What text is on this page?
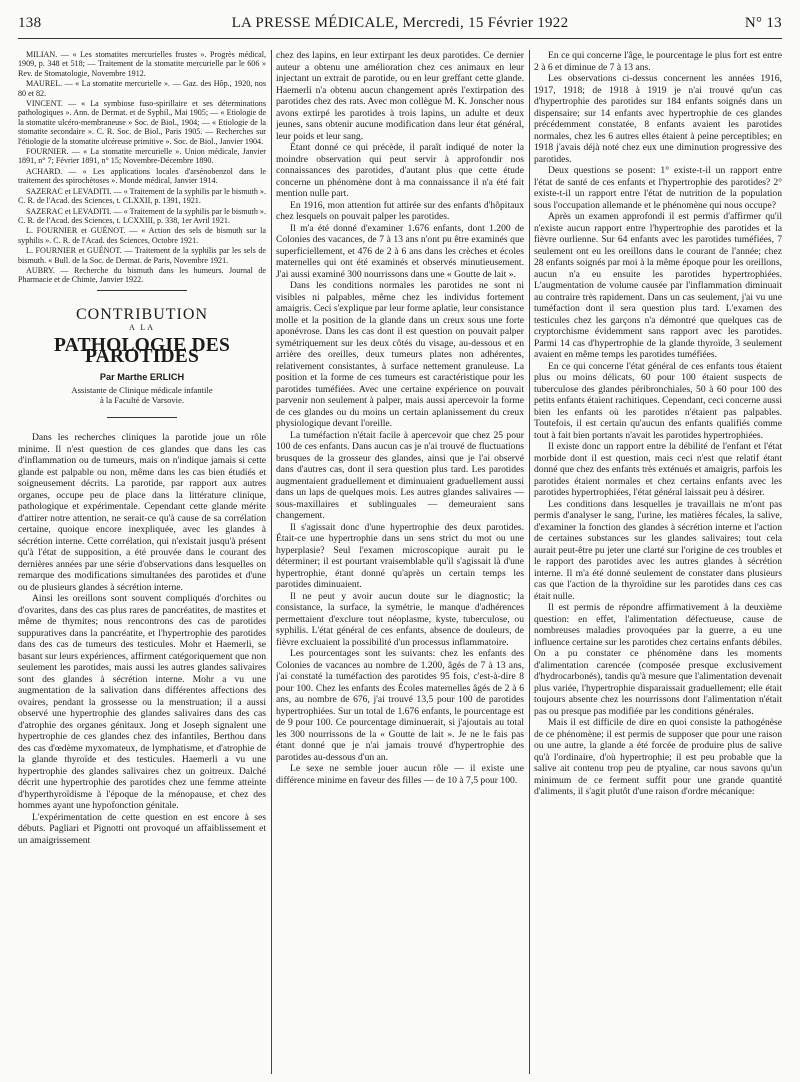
138	LA PRESSE MÉDICALE, Mercredi, 15 Février 1922	N° 13

MILIAN. — « Les stomatites mercurielles frustes ». Progrès médical, 1909, p. 348 et 518; — Traitement de la stomatite mercurielle par le 606 » Rev. de Stomatologie, Novembre 1912.

MAUREL. — « La stomatite mercurielle ». — Gaz. des Hôp., 1920, nos 80 et 82.

VINCENT. — « La symbiose fuso-spirillaire et ses déterminations pathologiques ». Ann. de Dermat. et de Syphil., Mai 1905; — « Etiologie de la stomatite ulcéro-membraneuse » Soc. de Biol., 1904; — « Etiologie de la stomatite secondaire ». C. R. Soc. de Biol., Paris 1905. — Recherches sur l'étiologie de la stomatite ulcéreuse primitive ». Soc. de Biol., Janvier 1904.

FOURNIER. — « La stomatite mercurielle ». Union médicale, Janvier 1891, n° 7; Février 1891, n° 15; Novembre-Décembre 1890.

ACHARD. — « Les applications locales d'arsénobenzol dans le traitement des spirochètoses ». Monde médical, Janvier 1914.

SAZERAC et LEVADITI. — « Traitement de la syphilis par le bismuth ». C. R. de l'Acad. des Sciences, t. CLXXII, p. 1391, 1921.

SAZERAC et LEVADITI. — « Traitement de la syphilis par le bismuth ». C. R. de l'Acad. des Sciences, t. LCXXIII, p. 338, 1er Avril 1921.

L. FOURNIER et GUÉNOT. — « Action des sels de bismuth sur la syphilis ». C. R. de l'Acad. des Sciences, Octobre 1921.

L. FOURNIER et GUÉNOT. — Traitement de la syphilis par les sels de bismuth. « Bull. de la Soc. de Dermat. de Paris, Novembre 1921.

AUBRY. — Recherche du bismuth dans les humeurs. Journal de Pharmacie et de Chimie, Janvier 1922.

CONTRIBUTION
A LA
PATHOLOGIE DES PAROTIDES
Par Marthe ERLICH
Assistante de Clinique médicale infantile
à la Faculté de Varsovie.

Dans les recherches cliniques la parotide joue un rôle minime. Il n'est question de ces glandes que dans les cas d'inflammation ou de tumeurs, mais on n'indique jamais si cette glande est palpable ou non, même dans les cas bien étudiés et soigneusement décrits. La parotide, par rapport aux autres organes, occupe peu de place dans la littérature clinique, pathologique et expérimentale. Cependant cette glande mérite d'attirer notre attention, ne serait-ce qu'à cause de sa corrélation certaine, quoique encore inexpliquée, avec les glandes à sécrétion interne. Cette corrélation, qui n'existait jusqu'à présent qu'à l'état de supposition, a été prouvée dans le courant des dernières années par une série d'observations dans lesquelles on remarque des modifications simultanées des parotides et d'une ou de plusieurs glandes à sécrétion interne.

Ainsi les oreillons sont souvent compliqués d'orchites ou d'ovarites, dans des cas plus rares de pancréatites, de mastites et même de thymites; nous rencontrons des cas de parotides suppuratives dans la pancréatite, et l'hypertrophie des parotides dans des cas de tumeurs des testicules. Mohr et Haemerli, se basant sur leurs expériences, affirment catégoriquement que non seulement les parotides, mais aussi les autres glandes salivaires sont des glandes à sécrétion interne. Mohr a vu une augmentation de la salivation dans différentes affections des ovaires, pendant la grossesse ou la menstruation; il a aussi observé une hypertrophie des glandes salivaires dans des cas d'atrophie des organes génitaux. Jong et Joseph signalent une hypertrophie de ces glandes chez des infantiles, Berthou dans des cas d'œdème myxomateux, de lymphatisme, et d'atrophie de la glande thyroïde et des testicules. Haemerli a vu une hypertrophie des glandes salivaires chez un goitreux. Dalché décrit une hypertrophie des parotides chez une femme atteinte d'hyperthyroïdisme à l'époque de la ménopause, et chez des hommes ayant une hypofonction génitale.

L'expérimentation de cette question en est encore à ses débuts. Pagliari et Pignotti ont provoqué un affaiblissement et un amaigrissement

chez des lapins, en leur extirpant les deux parotides. Ce dernier auteur a obtenu une amélioration chez ces animaux en leur injectant un extrait de parotide, ou en leur greffant cette glande. Haemerli n'a obtenu aucun changement après l'extirpation des parotides chez des rats. Avec mon collègue M. K. Jonscher nous avons extirpé les parotides à trois lapins, un adulte et deux jeunes, sans obtenir aucune modification dans leur état général, leur poids et leur sang.

Étant donné ce qui précède, il paraît indiqué de noter la moindre observation qui peut servir à approfondir nos connaissances des parotides, d'autant plus que cette étude concerne un phénomène dont à ma connaissance il n'a été fait mention nulle part.

En 1916, mon attention fut attirée sur des enfants d'hôpitaux chez lesquels on pouvait palper les parotides.

Il m'a été donné d'examiner 1.676 enfants, dont 1.200 de Colonies des vacances, de 7 à 13 ans n'ont pu être examinés que superficiellement, et 476 de 2 à 6 ans dans les crèches et écoles maternelles qui ont été examinés et observés minutieusement. J'ai aussi examiné 300 nourrissons dans une « Goutte de lait ».

Dans les conditions normales les parotides ne sont ni visibles ni palpables, même chez les individus fortement amaigris. Ceci s'explique par leur forme aplatie, leur consistance molle et la position de la glande dans un creux sous une forte aponévrose. Dans les cas dont il est question on pouvait palper symétriquement sur les deux côtés du visage, au-dessous et en arrière des oreilles, deux tumeurs plates non adhérentes, relativement consistantes, à surface nettement granuleuse. La position et la forme de ces tumeurs est caractéristique pour les parotides tuméfiées. Avec une certaine expérience on pouvait parvenir non seulement à palper, mais aussi apercevoir la forme de ces glandes ou du moins un certain aplanissement du creux physiologique devant l'oreille.

La tuméfaction n'était facile à apercevoir que chez 25 pour 100 de ces enfants. Dans aucun cas je n'ai trouvé de fluctuations brusques de la grosseur des glandes, ainsi que je l'ai observé dans d'autres cas, dont il sera question plus tard. Les parotides augmentaient graduellement et diminuaient graduellement aussi dans un laps de quelques mois. Les autres glandes salivaires — sous-maxillaires et sublinguales — demeuraient sans changement.

Il s'agissait donc d'une hypertrophie des deux parotides. Était-ce une hypertrophie dans un sens strict du mot ou une hyperplasie? Seul l'examen microscopique aurait pu le déterminer; il est pourtant vraisemblable qu'il s'agissait là d'une hypertrophie, étant donné qu'après un certain temps les parotides diminuaient.

Il ne peut y avoir aucun doute sur le diagnostic; la consistance, la surface, la symétrie, le manque d'adhérences permettaient d'exclure tout néoplasme, kyste, tuberculose, ou syphilis. L'état général de ces enfants, absence de douleurs, de fièvre excluaient la possibilité d'un processus inflammatoire.

Les pourcentages sont les suivants: chez les enfants des Colonies de vacances au nombre de 1.200, âgés de 7 à 13 ans, j'ai constaté la tuméfaction des parotides 95 fois, c'est-à-dire 8 pour 100. Chez les enfants des Écoles maternelles âgés de 2 à 6 ans, au nombre de 676, j'ai trouvé 13,5 pour 100 de parotides hypertrophiées. Sur un total de 1.676 enfants, le pourcentage est de 9 pour 100. Ce pourcentage diminuerait, si j'ajoutais au total les 300 nourrissons de la « Goutte de lait ». Je ne le fais pas étant donné que je n'ai jamais trouvé d'hypertrophie des parotides au-dessous d'un an.

Le sexe ne semble jouer aucun rôle — il existe une différence minime en faveur des filles — de 10 à 7,5 pour 100.

En ce qui concerne l'âge, le pourcentage le plus fort est entre 2 à 6 et diminue de 7 à 13 ans.

Les observations ci-dessus concernent les années 1916, 1917, 1918; de 1918 à 1919 je n'ai trouvé qu'un cas d'hypertrophie des parotides sur 184 enfants soignés dans un dispensaire; sur 14 enfants avec hypertrophie de ces glandes précédemment constatée, 8 enfants avaient les parotides normales, chez les 6 autres elles étaient à peine perceptibles; en 1918 j'avais déjà noté chez eux une diminution progressive des parotides.

Deux questions se posent: 1° existe-t-il un rapport entre l'état de santé de ces enfants et l'hypertrophie des parotides? 2° existe-t-il un rapport entre l'état de nutrition de la population sous l'occupation allemande et le phénomène qui nous occupe?

Après un examen approfondi il est permis d'affirmer qu'il n'existe aucun rapport entre l'hypertrophie des parotides et la fièvre ourlienne. Sur 64 enfants avec les parotides tuméfiées, 7 seulement ont eu les oreillons dans le courant de l'année; chez 28 enfants soignés par moi à la même époque pour les oreillons, aucun n'a eu ensuite les parotides hypertrophiées. L'augmentation de volume causée par l'inflammation diminuait au contraire très rapidement. Dans un cas seulement, j'ai vu une tuméfaction dont il sera question plus tard. L'examen des testicules chez les garçons n'a démontré que quelques cas de cryptorchisme évidemment sans rapport avec les parotides. Parmi 14 cas d'hypertrophie de la glande thyroïde, 3 seulement avaient en même temps les parotides tuméfiées.

En ce qui concerne l'état général de ces enfants tous étaient plus ou moins délicats, 60 pour 100 étaient suspects de tuberculose des glandes péribronchiales, 50 à 60 pour 100 des petits enfants étaient rachitiques. Cependant, ceci concerne aussi bien les enfants où les parotides n'étaient pas palpables. Toutefois, il est certain qu'aucun des enfants qualifiés comme tout à fait bien portants n'avait les parotides hypertrophiées.

Il existe donc un rapport entre la débilité de l'enfant et l'état morbide dont il est question, mais ceci n'est que relatif étant donné que chez des enfants très exténués et amaigris, parfois les parotides étaient normales et chez certains enfants avec les parotides hypertrophiées, l'état général laissait peu à désirer.

Les conditions dans lesquelles je travaillais ne m'ont pas permis d'analyser le sang, l'urine, les matières fécales, la salive, d'examiner la fonction des glandes à sécrétion interne et l'action de certaines substances sur les glandes salivaires; tout cela aurait peut-être pu jeter une clarté sur l'origine de ces troubles et le rapport des parotides avec les autres glandes à sécrétion interne. Il m'a été donné seulement de constater dans plusieurs cas que l'action de la thyroïdine sur les parotides dans ces cas était nulle.

Il est permis de répondre affirmativement à la deuxième question: en effet, l'alimentation défectueuse, cause de nombreuses maladies provoquées par la guerre, a eu une influence certaine sur les parotides chez certains enfants débiles. On a pu constater ce phénomène dans les moments d'alimentation carencée (composée presque exclusivement d'hydrocarbonés), tandis qu'à mesure que l'alimentation devenait plus variée, l'hypertrophie disparaissait graduellement; elle était toujours absente chez les nourrissons dont l'alimentation n'était pas ou presque pas modifiée par les conditions générales.

Mais il est difficile de dire en quoi consiste la pathogénèse de ce phénomène; il est permis de supposer que pour une raison ou une autre, la glande a été forcée de produire plus de salive qu'à l'ordinaire, d'où hypertrophie; il est peu probable que la salive ait contenu trop peu de ptyaline, car nous savons qu'un minimum de ce ferment suffit pour une grande quantité d'aliments, il s'agit plutôt d'une raison d'ordre mécanique:
